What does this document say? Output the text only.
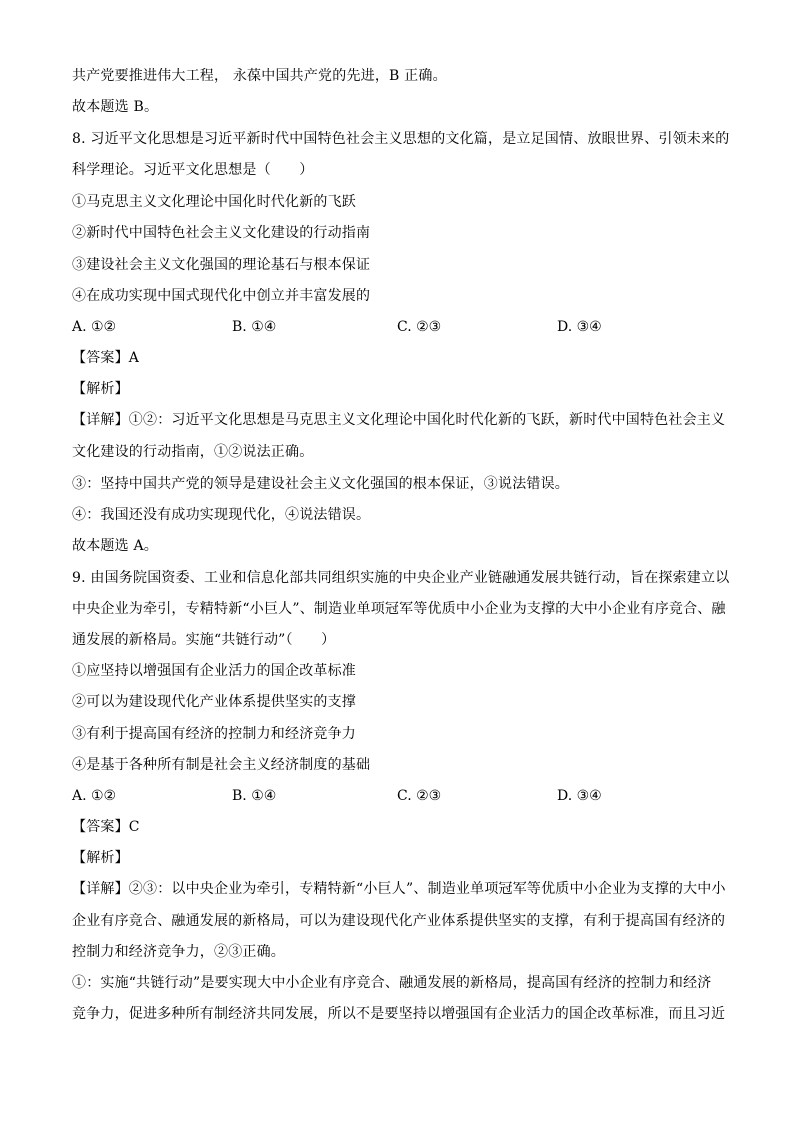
共产党要推进伟大工程， 永葆中国共产党的先进，B 正确。
故本题选 B。
8. 习近平文化思想是习近平新时代中国特色社会主义思想的文化篇，是立足国情、放眼世界、引领未来的
科学理论。习近平文化思想是（　　）
①马克思主义文化理论中国化时代化新的飞跃
②新时代中国特色社会主义文化建设的行动指南
③建设社会主义文化强国的理论基石与根本保证
④在成功实现中国式现代化中创立并丰富发展的
A. ①②	B. ①④	C. ②③	D. ③④
【答案】A
【解析】
【详解】①②：习近平文化思想是马克思主义文化理论中国化时代化新的飞跃，新时代中国特色社会主义
文化建设的行动指南，①②说法正确。
③：坚持中国共产党的领导是建设社会主义文化强国的根本保证，③说法错误。
④：我国还没有成功实现现代化，④说法错误。
故本题选 A。
9. 由国务院国资委、工业和信息化部共同组织实施的中央企业产业链融通发展共链行动，旨在探索建立以
中央企业为牵引，专精特新“小巨人”、制造业单项冠军等优质中小企业为支撑的大中小企业有序竞合、融
通发展的新格局。实施“共链行动”（　　）
①应坚持以增强国有企业活力的国企改革标准
②可以为建设现代化产业体系提供坚实的支撑
③有利于提高国有经济的控制力和经济竞争力
④是基于各种所有制是社会主义经济制度的基础
A. ①②	B. ①④	C. ②③	D. ③④
【答案】C
【解析】
【详解】②③：以中央企业为牵引，专精特新“小巨人”、制造业单项冠军等优质中小企业为支撑的大中小
企业有序竞合、融通发展的新格局，可以为建设现代化产业体系提供坚实的支撑，有利于提高国有经济的
控制力和经济竞争力，②③正确。
①：实施“共链行动”是要实现大中小企业有序竞合、融通发展的新格局，提高国有经济的控制力和经济
竞争力，促进多种所有制经济共同发展，所以不是要坚持以增强国有企业活力的国企改革标准，而且习近
